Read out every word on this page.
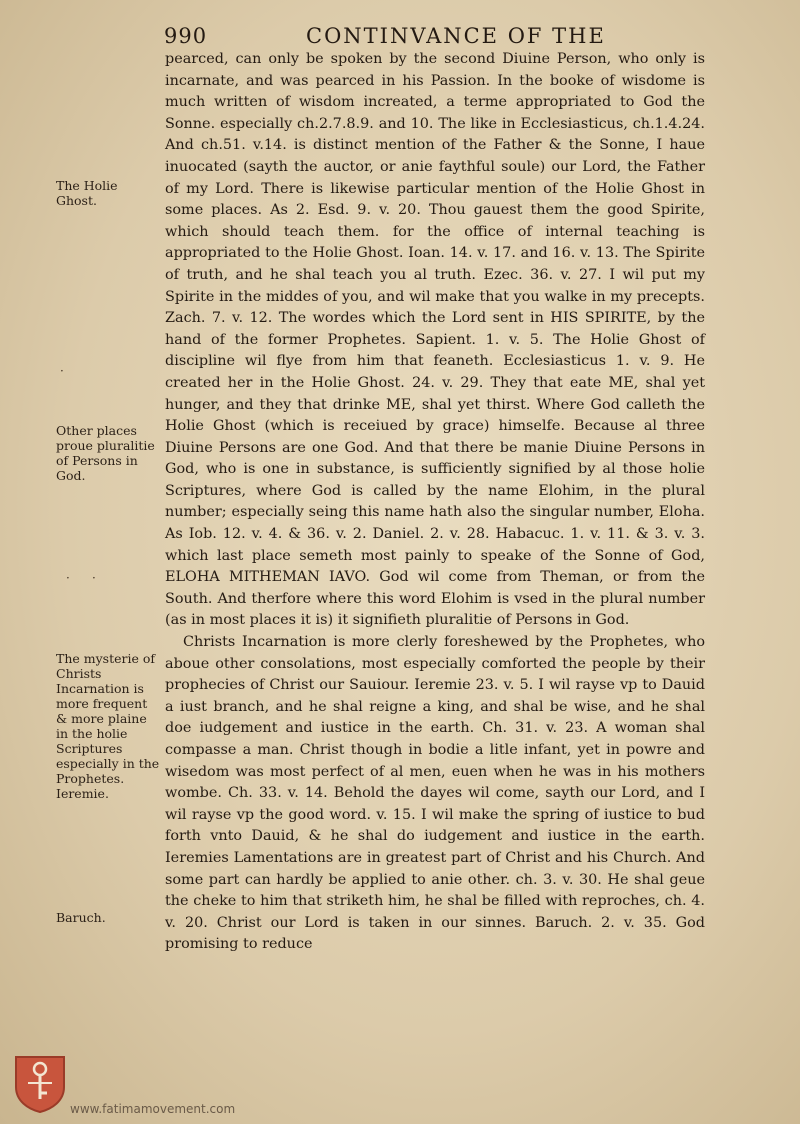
990	CONTINVANCE OF THE

pearced, can only be spoken by the second Diuine Person, who only is incarnate, and was pearced in his Passion. In the booke of wisdome is much written of wisdom increated, a terme appropriated to God the Sonne. especially ch.2.7.8.9. and 10. The like in Ecclesiasticus, ch.1.4.24. And ch.51. v.14. is distinct mention of the Father & the Sonne, I haue inuocated (sayth the auctor, or anie faythful soule) our Lord, the Father of my Lord. There is likewise particular mention of the Holie Ghost in some places. As 2. Esd. 9. v. 20. Thou gauest them the good Spirite, which should teach them. for the office of internal teaching is appropriated to the Holie Ghost. Ioan. 14. v. 17. and 16. v. 13. The Spirite of truth, and he shal teach you al truth. Ezec. 36. v. 27. I wil put my Spirite in the middes of you, and wil make that you walke in my precepts. Zach. 7. v. 12. The wordes which the Lord sent in HIS SPIRITE, by the hand of the former Prophetes. Sapient. 1. v. 5. The Holie Ghost of discipline wil flye from him that feaneth. Ecclesiasticus 1. v. 9. He created her in the Holie Ghost. 24. v. 29. They that eate ME, shal yet hunger, and they that drinke ME, shal yet thirst. Where God calleth the Holie Ghost (which is receiued by grace) himselfe. Because al three Diuine Persons are one God. And that there be manie Diuine Persons in God, who is one in substance, is sufficiently signified by al those holie Scriptures, where God is called by the name Elohim, in the plural number; especially seing this name hath also the singular number, Eloha. As Iob. 12. v. 4. & 36. v. 2. Daniel. 2. v. 28. Habacuc. 1. v. 11. & 3. v. 3. which last place semeth most painly to speake of the Sonne of God, ELOHA MITHEMAN IAVO. God wil come from Theman, or from the South. And therfore where this word Elohim is vsed in the plural number (as in most places it is) it signifieth pluralitie of Persons in God.

Christs Incarnation is more clerly foreshewed by the Prophetes, who aboue other consolations, most especially comforted the people by their prophecies of Christ our Sauiour. Ieremie 23. v. 5. I wil rayse vp to Dauid a iust branch, and he shal reigne a king, and shal be wise, and he shal doe iudgement and iustice in the earth. Ch. 31. v. 23. A woman shal compasse a man. Christ though in bodie a litle infant, yet in powre and wisedom was most perfect of al men, euen when he was in his mothers wombe. Ch. 33. v. 14. Behold the dayes wil come, sayth our Lord, and I wil rayse vp the good word. v. 15. I wil make the spring of iustice to bud forth vnto Dauid, & he shal do iudgement and iustice in the earth. Ieremies Lamentations are in greatest part of Christ and his Church. And some part can hardly be applied to anie other. ch. 3. v. 30. He shal geue the cheke to him that striketh him, he shal be filled with reproches, ch. 4. v. 20. Christ our Lord is taken in our sinnes. Baruch. 2. v. 35. God promising to reduce

The Holie Ghost.
Other places proue pluralitie of Persons in God.
The mysterie of Christs Incarnation is more frequent & more plaine in the holie Scriptures especially in the Prophetes. Ieremie.
Baruch.
·
· ·
www.fatimamovement.com
